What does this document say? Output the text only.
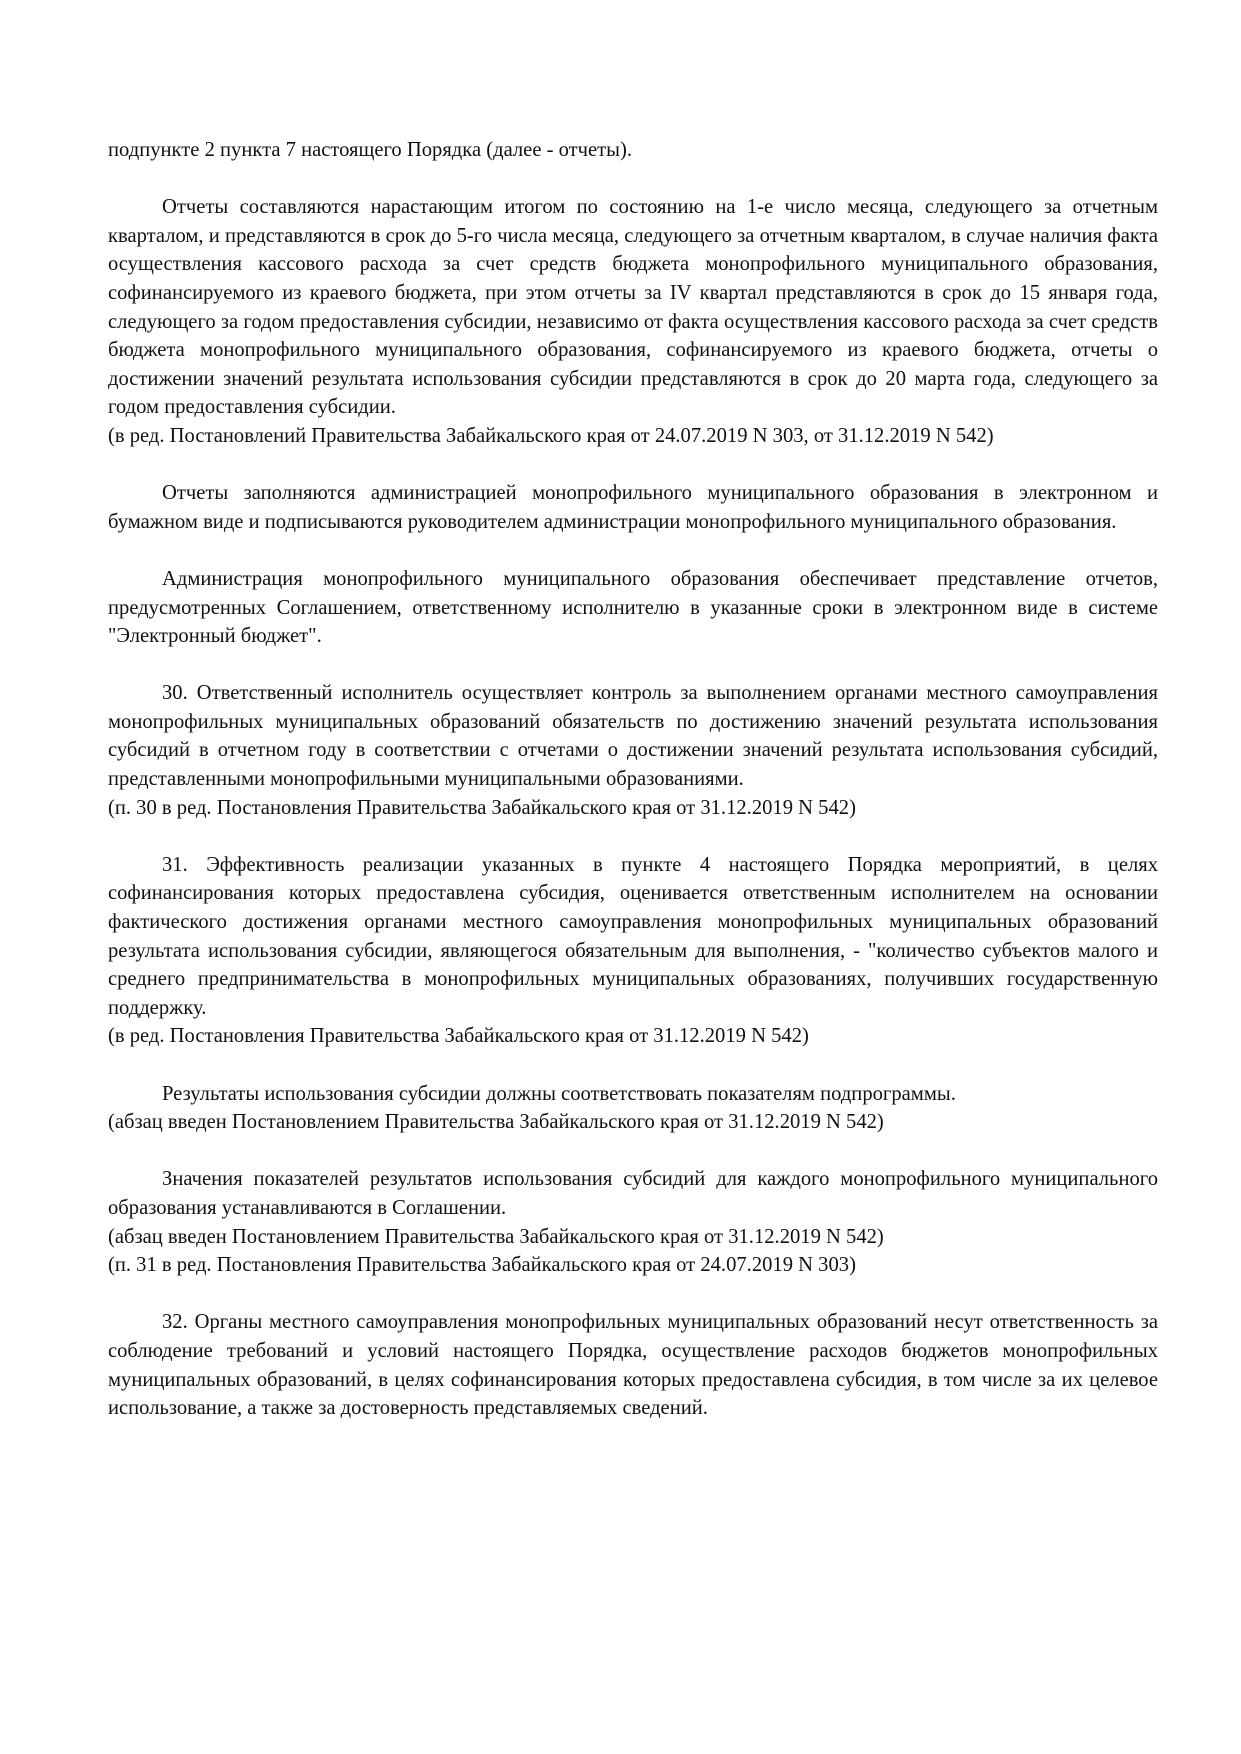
подпункте 2 пункта 7 настоящего Порядка (далее - отчеты).

Отчеты составляются нарастающим итогом по состоянию на 1-е число месяца, следующего за отчетным кварталом, и представляются в срок до 5-го числа месяца, следующего за отчетным кварталом, в случае наличия факта осуществления кассового расхода за счет средств бюджета монопрофильного муниципального образования, софинансируемого из краевого бюджета, при этом отчеты за IV квартал представляются в срок до 15 января года, следующего за годом предоставления субсидии, независимо от факта осуществления кассового расхода за счет средств бюджета монопрофильного муниципального образования, софинансируемого из краевого бюджета, отчеты о достижении значений результата использования субсидии представляются в срок до 20 марта года, следующего за годом предоставления субсидии.

(в ред. Постановлений Правительства Забайкальского края от 24.07.2019 N 303, от 31.12.2019 N 542)

Отчеты заполняются администрацией монопрофильного муниципального образования в электронном и бумажном виде и подписываются руководителем администрации монопрофильного муниципального образования.

Администрация монопрофильного муниципального образования обеспечивает представление отчетов, предусмотренных Соглашением, ответственному исполнителю в указанные сроки в электронном виде в системе "Электронный бюджет".

30. Ответственный исполнитель осуществляет контроль за выполнением органами местного самоуправления монопрофильных муниципальных образований обязательств по достижению значений результата использования субсидий в отчетном году в соответствии с отчетами о достижении значений результата использования субсидий, представленными монопрофильными муниципальными образованиями.

(п. 30 в ред. Постановления Правительства Забайкальского края от 31.12.2019 N 542)

31. Эффективность реализации указанных в пункте 4 настоящего Порядка мероприятий, в целях софинансирования которых предоставлена субсидия, оценивается ответственным исполнителем на основании фактического достижения органами местного самоуправления монопрофильных муниципальных образований результата использования субсидии, являющегося обязательным для выполнения, - "количество субъектов малого и среднего предпринимательства в монопрофильных муниципальных образованиях, получивших государственную поддержку.

(в ред. Постановления Правительства Забайкальского края от 31.12.2019 N 542)

Результаты использования субсидии должны соответствовать показателям подпрограммы.

(абзац введен Постановлением Правительства Забайкальского края от 31.12.2019 N 542)

Значения показателей результатов использования субсидий для каждого монопрофильного муниципального образования устанавливаются в Соглашении.

(абзац введен Постановлением Правительства Забайкальского края от 31.12.2019 N 542)

(п. 31 в ред. Постановления Правительства Забайкальского края от 24.07.2019 N 303)

32. Органы местного самоуправления монопрофильных муниципальных образований несут ответственность за соблюдение требований и условий настоящего Порядка, осуществление расходов бюджетов монопрофильных муниципальных образований, в целях софинансирования которых предоставлена субсидия, в том числе за их целевое использование, а также за достоверность представляемых сведений.
